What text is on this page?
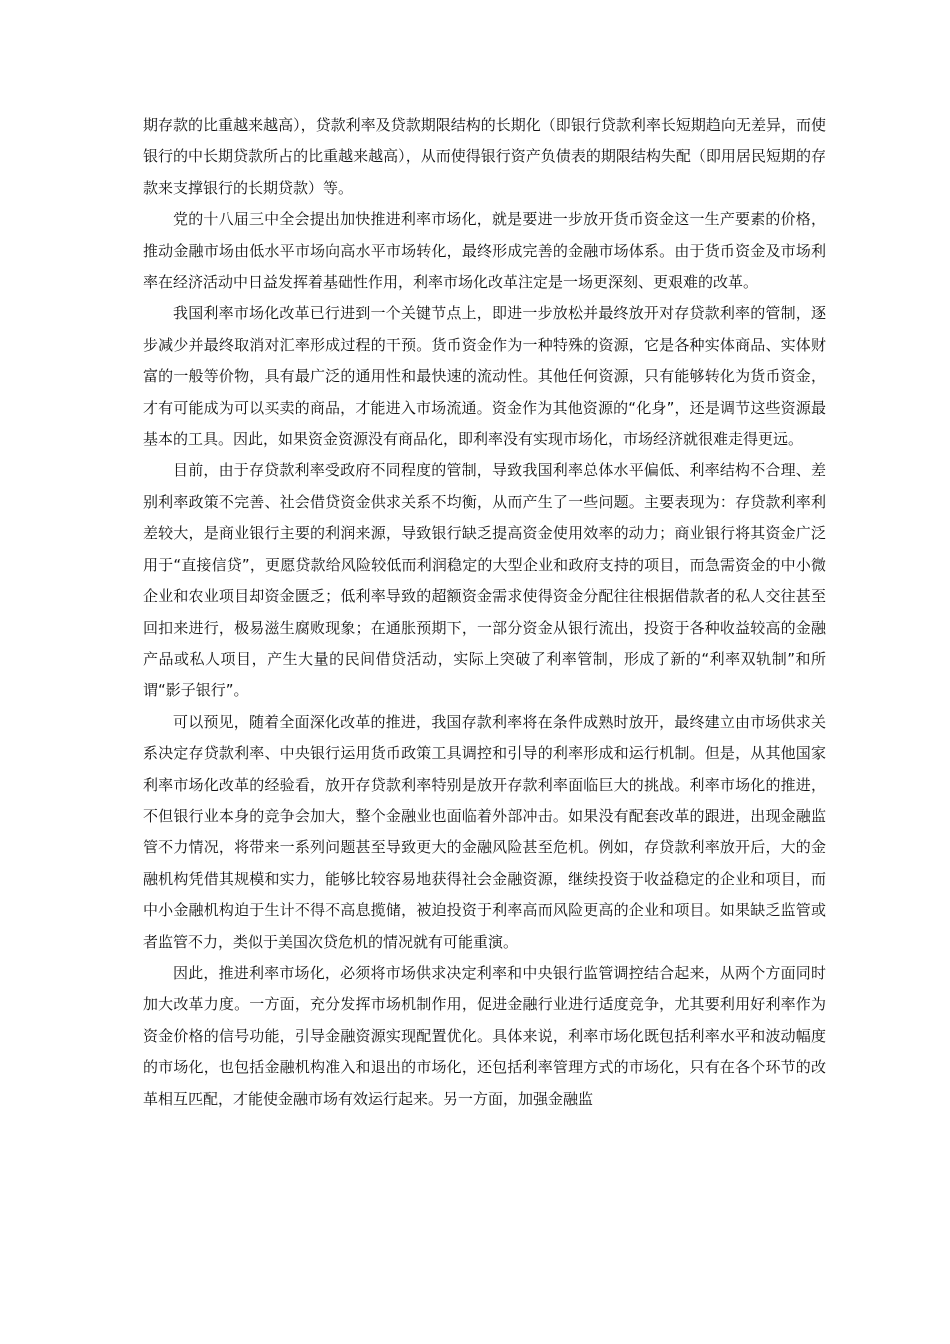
期存款的比重越来越高），贷款利率及贷款期限结构的长期化（即银行贷款利率长短期趋向无差异，而使银行的中长期贷款所占的比重越来越高），从而使得银行资产负债表的期限结构失配（即用居民短期的存款来支撑银行的长期贷款）等。

党的十八届三中全会提出加快推进利率市场化，就是要进一步放开货币资金这一生产要素的价格，推动金融市场由低水平市场向高水平市场转化，最终形成完善的金融市场体系。由于货币资金及市场利率在经济活动中日益发挥着基础性作用，利率市场化改革注定是一场更深刻、更艰难的改革。

我国利率市场化改革已行进到一个关键节点上，即进一步放松并最终放开对存贷款利率的管制，逐步减少并最终取消对汇率形成过程的干预。货币资金作为一种特殊的资源，它是各种实体商品、实体财富的一般等价物，具有最广泛的通用性和最快速的流动性。其他任何资源，只有能够转化为货币资金，才有可能成为可以买卖的商品，才能进入市场流通。资金作为其他资源的“化身”，还是调节这些资源最基本的工具。因此，如果资金资源没有商品化，即利率没有实现市场化，市场经济就很难走得更远。

目前，由于存贷款利率受政府不同程度的管制，导致我国利率总体水平偏低、利率结构不合理、差别利率政策不完善、社会借贷资金供求关系不均衡，从而产生了一些问题。主要表现为：存贷款利率利差较大，是商业银行主要的利润来源，导致银行缺乏提高资金使用效率的动力；商业银行将其资金广泛用于“直接信贷”，更愿贷款给风险较低而利润稳定的大型企业和政府支持的项目，而急需资金的中小微企业和农业项目却资金匮乏；低利率导致的超额资金需求使得资金分配往往根据借款者的私人交往甚至回扣来进行，极易滋生腐败现象；在通胀预期下，一部分资金从银行流出，投资于各种收益较高的金融产品或私人项目，产生大量的民间借贷活动，实际上突破了利率管制，形成了新的“利率双轨制”和所谓“影子银行”。

可以预见，随着全面深化改革的推进，我国存款利率将在条件成熟时放开，最终建立由市场供求关系决定存贷款利率、中央银行运用货币政策工具调控和引导的利率形成和运行机制。但是，从其他国家利率市场化改革的经验看，放开存贷款利率特别是放开存款利率面临巨大的挑战。利率市场化的推进，不但银行业本身的竞争会加大，整个金融业也面临着外部冲击。如果没有配套改革的跟进，出现金融监管不力情况，将带来一系列问题甚至导致更大的金融风险甚至危机。例如，存贷款利率放开后，大的金融机构凭借其规模和实力，能够比较容易地获得社会金融资源，继续投资于收益稳定的企业和项目，而中小金融机构迫于生计不得不高息揽储，被迫投资于利率高而风险更高的企业和项目。如果缺乏监管或者监管不力，类似于美国次贷危机的情况就有可能重演。

因此，推进利率市场化，必须将市场供求决定利率和中央银行监管调控结合起来，从两个方面同时加大改革力度。一方面，充分发挥市场机制作用，促进金融行业进行适度竞争，尤其要利用好利率作为资金价格的信号功能，引导金融资源实现配置优化。具体来说，利率市场化既包括利率水平和波动幅度的市场化，也包括金融机构准入和退出的市场化，还包括利率管理方式的市场化，只有在各个环节的改革相互匹配，才能使金融市场有效运行起来。另一方面，加强金融监
